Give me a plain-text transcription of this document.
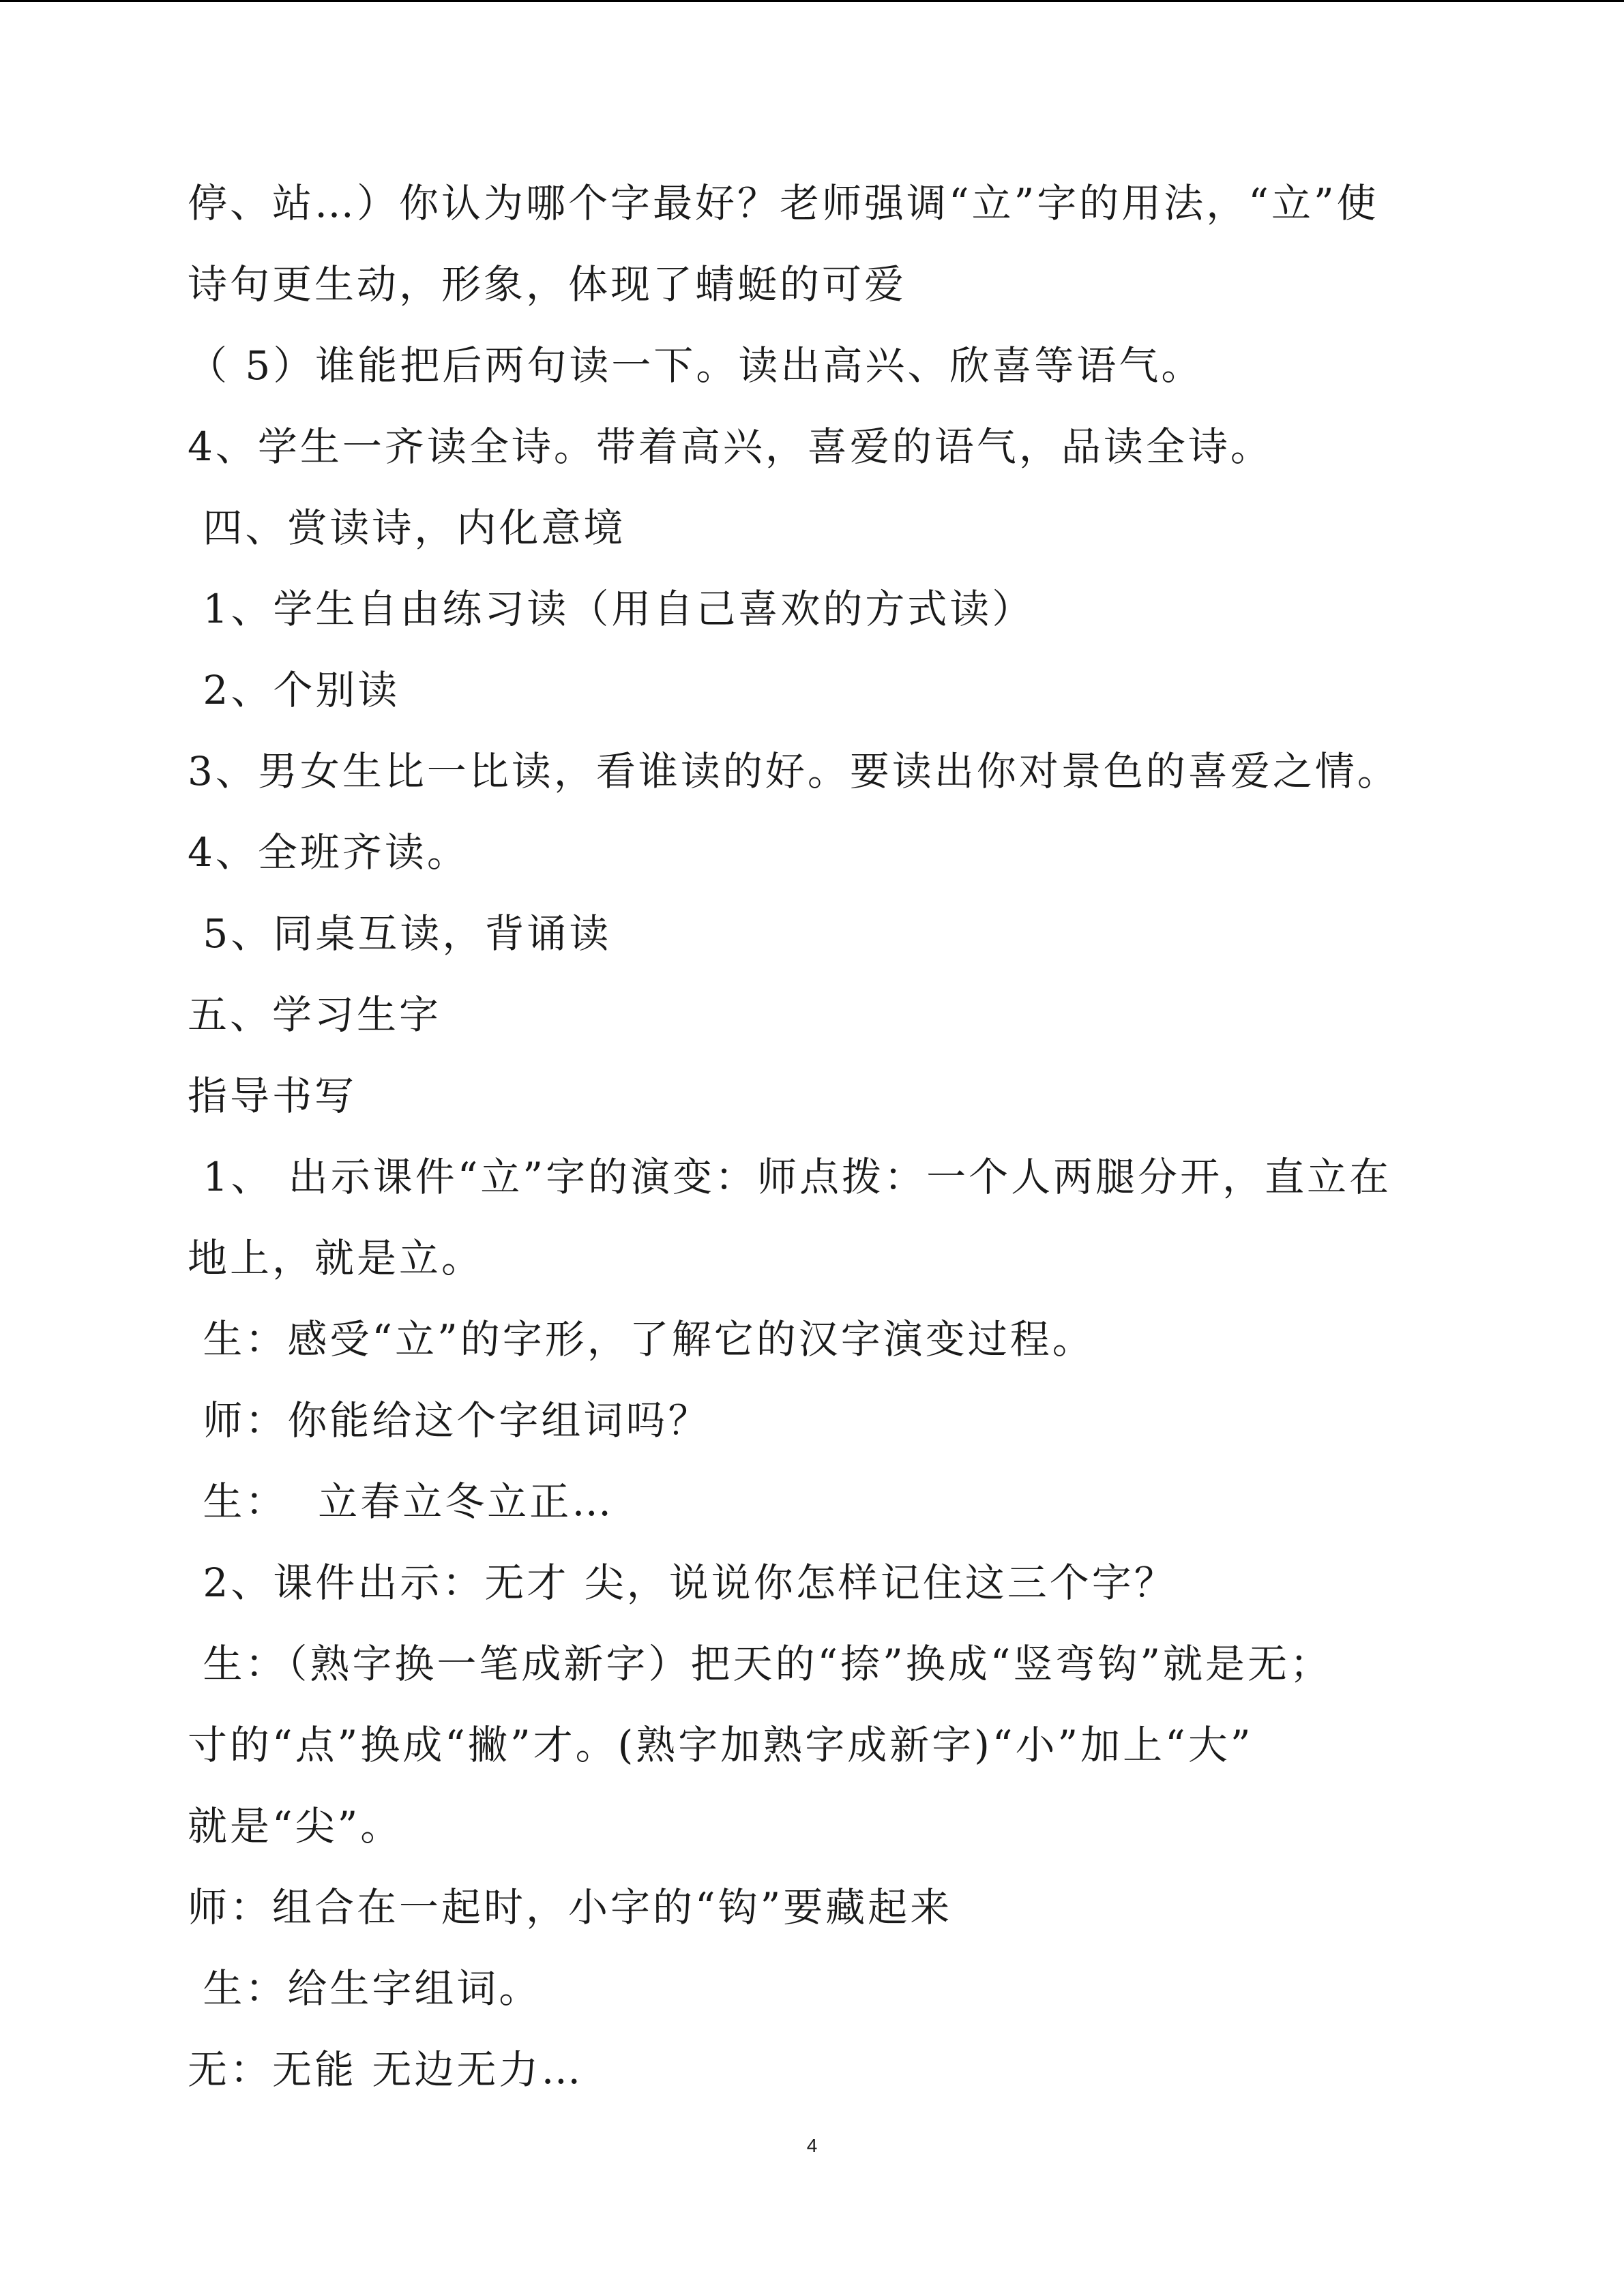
停、站…）你认为哪个字最好？老师强调“立”字的用法，“立”使
诗句更生动，形象，体现了蜻蜓的可爱
（ 5）谁能把后两句读一下。读出高兴、欣喜等语气。
4、学生一齐读全诗。带着高兴，喜爱的语气，品读全诗。
四、赏读诗，内化意境
1、学生自由练习读（用自己喜欢的方式读）
2、个别读
3、男女生比一比读，看谁读的好。要读出你对景色的喜爱之情。
4、全班齐读。
5、同桌互读，背诵读
五、学习生字
指导书写
1、 出示课件“立”字的演变：师点拨：一个人两腿分开，直立在
地上，就是立。
生：感受“立”的字形，了解它的汉字演变过程。
师：你能给这个字组词吗？
生：  立春立冬立正…
2、课件出示：无才 尖，说说你怎样记住这三个字？
生：（熟字换一笔成新字）把天的“捺”换成“竖弯钩”就是无；
寸的“点”换成“撇”才。(熟字加熟字成新字)“小”加上“大”
就是“尖”。
师：组合在一起时，小字的“钩”要藏起来
生：给生字组词。
无：无能 无边无力…
4
